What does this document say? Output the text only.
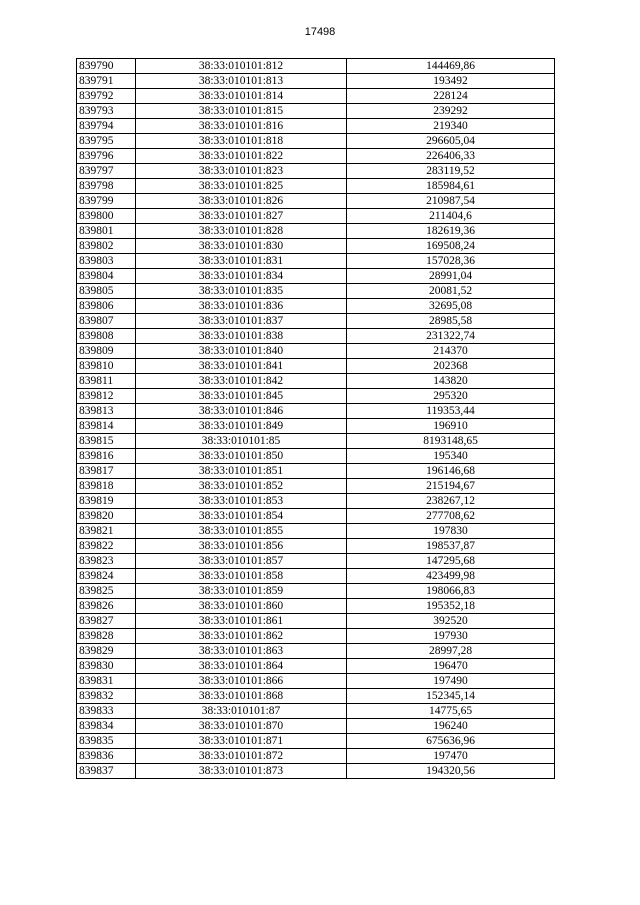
17498
839790	38:33:010101:812	144469,86
839791	38:33:010101:813	193492
839792	38:33:010101:814	228124
839793	38:33:010101:815	239292
839794	38:33:010101:816	219340
839795	38:33:010101:818	296605,04
839796	38:33:010101:822	226406,33
839797	38:33:010101:823	283119,52
839798	38:33:010101:825	185984,61
839799	38:33:010101:826	210987,54
839800	38:33:010101:827	211404,6
839801	38:33:010101:828	182619,36
839802	38:33:010101:830	169508,24
839803	38:33:010101:831	157028,36
839804	38:33:010101:834	28991,04
839805	38:33:010101:835	20081,52
839806	38:33:010101:836	32695,08
839807	38:33:010101:837	28985,58
839808	38:33:010101:838	231322,74
839809	38:33:010101:840	214370
839810	38:33:010101:841	202368
839811	38:33:010101:842	143820
839812	38:33:010101:845	295320
839813	38:33:010101:846	119353,44
839814	38:33:010101:849	196910
839815	38:33:010101:85	8193148,65
839816	38:33:010101:850	195340
839817	38:33:010101:851	196146,68
839818	38:33:010101:852	215194,67
839819	38:33:010101:853	238267,12
839820	38:33:010101:854	277708,62
839821	38:33:010101:855	197830
839822	38:33:010101:856	198537,87
839823	38:33:010101:857	147295,68
839824	38:33:010101:858	423499,98
839825	38:33:010101:859	198066,83
839826	38:33:010101:860	195352,18
839827	38:33:010101:861	392520
839828	38:33:010101:862	197930
839829	38:33:010101:863	28997,28
839830	38:33:010101:864	196470
839831	38:33:010101:866	197490
839832	38:33:010101:868	152345,14
839833	38:33:010101:87	14775,65
839834	38:33:010101:870	196240
839835	38:33:010101:871	675636,96
839836	38:33:010101:872	197470
839837	38:33:010101:873	194320,56
